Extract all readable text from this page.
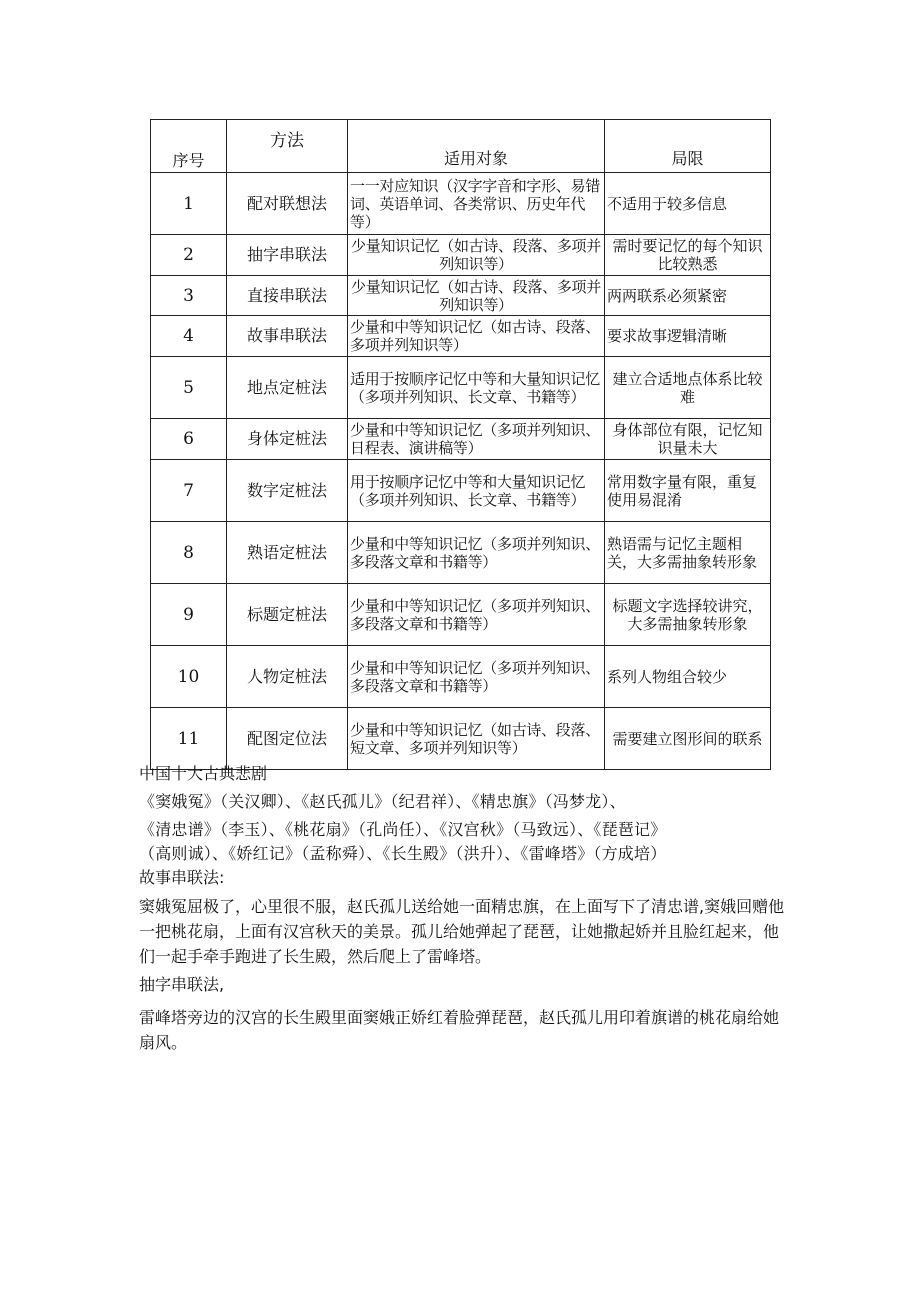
序号	方法	适用对象	局限
1	配对联想法	一一对应知识（汉字字音和字形、易错词、英语单词、各类常识、历史年代等）	不适用于较多信息
2	抽字串联法	少量知识记忆（如古诗、段落、多项并列知识等）	需时要记忆的每个知识比较熟悉
3	直接串联法	少量知识记忆（如古诗、段落、多项并列知识等）	两两联系必须紧密
4	故事串联法	少量和中等知识记忆（如古诗、段落、多项并列知识等）	要求故事逻辑清晰
5	地点定桩法	适用于按顺序记忆中等和大量知识记忆（多项并列知识、长文章、书籍等）	建立合适地点体系比较难
6	身体定桩法	少量和中等知识记忆（多项并列知识、日程表、演讲稿等）	身体部位有限，记忆知识量未大

7	数字定桩法	用于按顺序记忆中等和大量知识记忆（多项并列知识、长文章、书籍等）	常用数字量有限，重复使用易混淆
8	熟语定桩法	少量和中等知识记忆（多项并列知识、多段落文章和书籍等）	熟语需与记忆主题相关，大多需抽象转形象
9	标题定桩法	少量和中等知识记忆（多项并列知识、多段落文章和书籍等）	标题文字选择较讲究，大多需抽象转形象
10	人物定桩法	少量和中等知识记忆（多项并列知识、多段落文章和书籍等）	系列人物组合较少
11	配图定位法	少量和中等知识记忆（如古诗、段落、短文章、多项并列知识等）	需要建立图形间的联系

中国十大古典悲剧

《窦娥冤》（关汉卿）、《赵氏孤儿》（纪君祥）、《精忠旗》（冯梦龙）、

《清忠谱》（李玉）、《桃花扇》（孔尚任）、《汉宫秋》（马致远）、《琵琶记》

（高则诚）、《娇红记》（孟称舜）、《长生殿》（洪升）、《雷峰塔》（方成培）

故事串联法:

窦娥冤屈极了，心里很不服，赵氏孤儿送给她一面精忠旗，在上面写下了清忠谱,窦娥回赠他一把桃花扇，上面有汉宫秋天的美景。孤儿给她弹起了琵琶，让她撒起娇并且脸红起来，他们一起手牵手跑进了长生殿，然后爬上了雷峰塔。

抽字串联法,

雷峰塔旁边的汉宫的长生殿里面窦娥正娇红着脸弹琵琶，赵氏孤儿用印着旗谱的桃花扇给她扇风。
